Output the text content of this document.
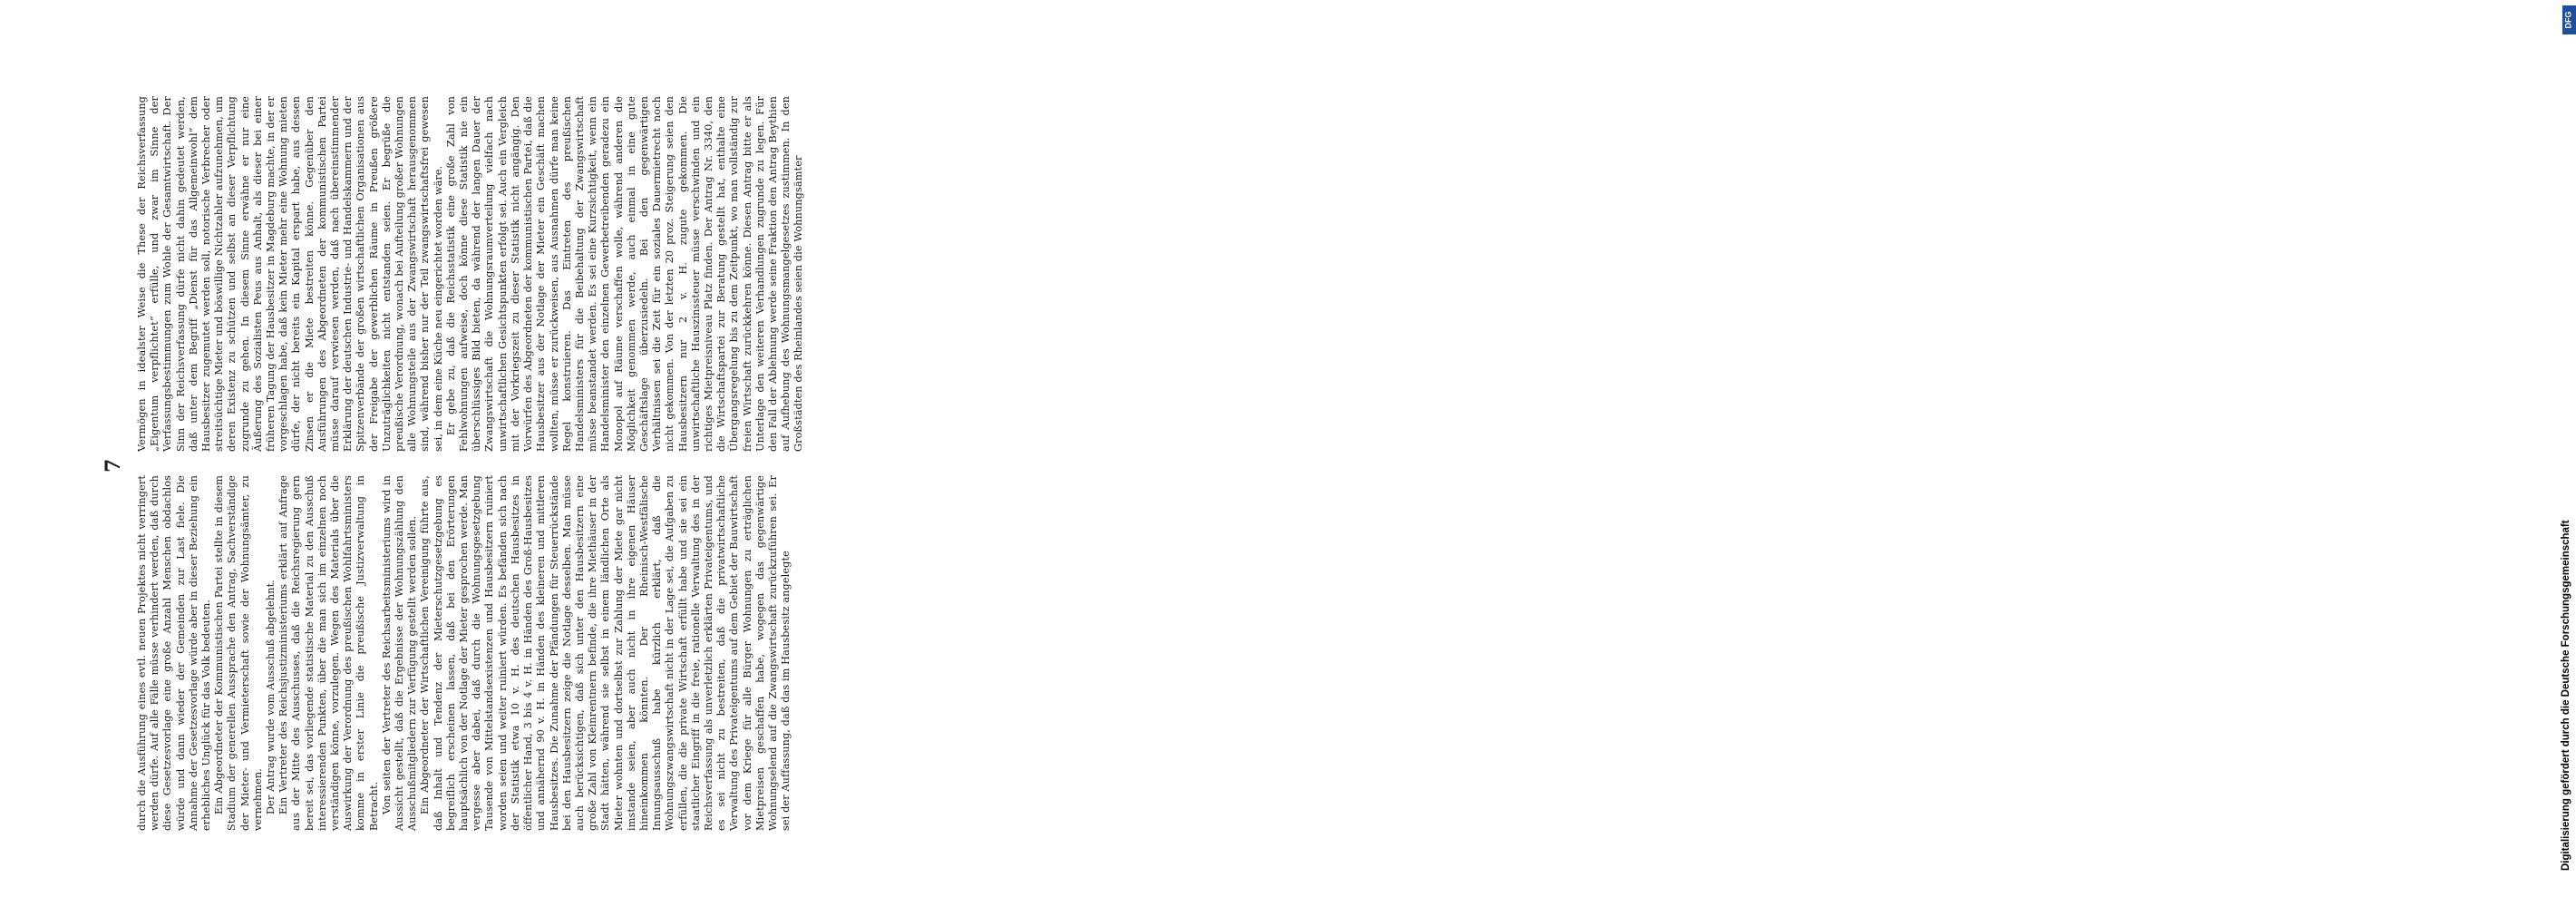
7

durch die Ausführung eines evtl. neuen Projektes nicht verringert werden dürfe. Auf alle Fälle müsse verhindert werden, daß durch diese Gesetzesvorlage eine große Anzahl Menschen obdachlos würde und dann wieder der Gemeinden zur Last fiele. Die Annahme der Gesetzesvorlage würde aber in dieser Beziehung ein erhebliches Unglück für das Volk bedeuten. Ein Abgeordneter der Kommunistischen Partei stellte in diesem Stadium der generellen Aussprache den Antrag, Sachverständige der Mieter- und Vermieterschaft sowie der Wohnungsämter, zu vernehmen. Der Antrag wurde vom Ausschuß abgelehnt. Ein Vertreter des Reichsjustizministeriums erklärt auf Anfrage aus der Mitte des Ausschusses, daß die Reichsregierung gern bereit sei, das vorliegende statistische Material zu den Ausschuß interessierenden Punkten, über die man sich im einzelnen noch verständigen könne, vorzulegen. Wegen des Materials über die Auswirkung der Verordnung des preußischen Wohlfahrtsministers komme in erster Linie die preußische Justizverwaltung in Betracht. Von seiten der Vertreter des Reichsarbeitsministeriums wird in Aussicht gestellt, daß die Ergebnisse der Wohnungszählung den Ausschußmitgliedern zur Verfügung gestellt werden sollen. Ein Abgeordneter der Wirtschaftlichen Vereinigung führte aus, daß Inhalt und Tendenz der Mieterschutzgesetzgebung es begreiflich erscheinen lassen, daß bei den Erörterungen hauptsächlich von der Notlage der Mieter gesprochen werde. Man vergesse aber dabei, daß durch die Wohnungsgesetzgebung Tausende von Mittelstandsexistenzen und Hausbesitzern ruiniert worden seien und weiter ruiniert würden. Es befänden sich nach der Statistik etwa 10 v. H. des deutschen Hausbesitzes in öffentlicher Hand, 3 bis 4 v. H. in Händen des Groß-Hausbesitzes und annähernd 90 v. H. in Händen des kleineren und mittleren Hausbesitzes. Die Zunahme der Pfändungen für Steuerrückstände bei den Hausbesitzern zeige die Notlage desselben. Man müsse auch berücksichtigen, daß sich unter den Hausbesitzern eine große Zahl von Kleinrentnern befinde, die ihre Miethäuser in der Stadt hätten, während sie selbst in einem ländlichen Orte als Mieter wohnten und dortselbst zur Zahlung der Miete gar nicht imstande seien, aber auch nicht in ihre eigenen Häuser hineinkommen könnten. Der Rheinisch-Westfälische Innungsausschuß habe kürzlich erklärt, daß die Wohnungszwangswirtschaft nicht in der Lage sei, die Aufgaben zu erfüllen, die die private Wirtschaft erfüllt habe und sie sei ein staatlicher Eingriff in die freie, rationelle Verwaltung des in der Reichsverfassung als unverletzlich erklärten Privateigentums, und es sei nicht zu bestreiten, daß die privatwirtschaftliche Verwaltung des Privateigentums auf dem Gebiet der Bauwirtschaft vor dem Kriege für alle Bürger Wohnungen zu erträglichen Mietpreisen geschaffen habe, wogegen das gegenwärtige Wohnungselend auf die Zwangswirtschaft zurückzuführen sei. Er sei der Auffassung, daß das im Hausbesitz angelegte

Vermögen in idealster Weise die These der Reichsverfassung „Eigentum verpflichtet“ erfülle, und zwar im Sinne der Verfassungsbestimmungen zum Wohle der Gesamtwirtschaft. Der Sinn der Reichsverfassung dürfe nicht dahin gedeutet werden, daß unter dem Begriff „Dienst für das Allgemeinwohl“ dem Hausbesitzer zugemutet werden soll, notorische Verbrecher oder streitsüchtige Mieter und böswillige Nichtzahler aufzunehmen, um deren Existenz zu schützen und selbst an dieser Verpflichtung zugrunde zu gehen. In diesem Sinne erwähne er nur eine Äußerung des Sozialisten Peus aus Anhalt, als dieser bei einer früheren Tagung der Hausbesitzer in Magdeburg machte, in der er vorgeschlagen habe, daß kein Mieter mehr eine Wohnung mieten dürfe, der nicht bereits ein Kapital erspart habe, aus dessen Zinsen er die Miete bestreiten könne. Gegenüber den Ausführungen des Abgeordneten der kommunistischen Partei müsse darauf verwiesen werden, daß nach übereinstimmender Erklärung der deutschen Industrie- und Handelskammern und der Spitzenverbände der großen wirtschaftlichen Organisationen aus der Freigabe der gewerblichen Räume in Preußen größere Unzuträglichkeiten nicht entstanden seien. Er begrüße die preußische Verordnung, wonach bei Aufteilung großer Wohnungen alle Wohnungsteile aus der Zwangswirtschaft herausgenommen sind, während bisher nur der Teil zwangswirtschaftsfrei gewesen sei, in dem eine Küche neu eingerichtet worden wäre. Er gebe zu, daß die Reichsstatistik eine große Zahl von Fehlwohnungen aufweise, doch könne diese Statistik nie ein überschlüssiges Bild bieten, da während der langen Dauer der Zwangswirtschaft die Wohnungsraumverteilung vielfach nach unwirtschaftlichen Gesichtspunkten erfolgt sei. Auch ein Vergleich mit der Vorkriegszeit zu dieser Statistik nicht angängig. Den Vorwürfen des Abgeordneten der kommunistischen Partei, daß die Hausbesitzer aus der Notlage der Mieter ein Geschäft machen wollten, müsse er zurückweisen, aus Ausnahmen dürfe man keine Regel konstruieren. Das Eintreten des preußischen Handelsministers für die Beibehaltung der Zwangswirtschaft müsse beanstandet werden. Es sei eine Kurzsichtigkeit, wenn ein Handelsminister den einzelnen Gewerbetreibenden geradezu ein Monopol auf Räume verschaffen wolle, während anderen die Möglichkeit genommen werde, auch einmal in eine gute Geschäftslage überzusiedeln. Bei den gegenwärtigen Verhältnissen sei die Zeit für ein soziales Dauermietrecht noch nicht gekommen. Von der letzten 20 proz. Steigerung seien den Hausbesitzern nur 2 v. H. zugute gekommen. Die unwirtschaftliche Hauszinssteuer müsse verschwinden und ein richtiges Mietpreisniveau Platz finden. Der Antrag Nr. 3340, den die Wirtschaftspartei zur Beratung gestellt hat, enthalte eine Übergangsregelung bis zu dem Zeitpunkt, wo man vollständig zur freien Wirtschaft zurückkehren könne. Diesen Antrag bitte er als Unterlage den weiteren Verhandlungen zugrunde zu legen. Für den Fall der Ablehnung werde seine Fraktion den Antrag Beythien auf Aufhebung des Wohnungsmangelgesetzes zustimmen. In den Großstädten des Rheinlandes seien die Wohnungsämter

DFG
Digitalisierung gefördert durch die Deutsche Forschungsgemeinschaft
